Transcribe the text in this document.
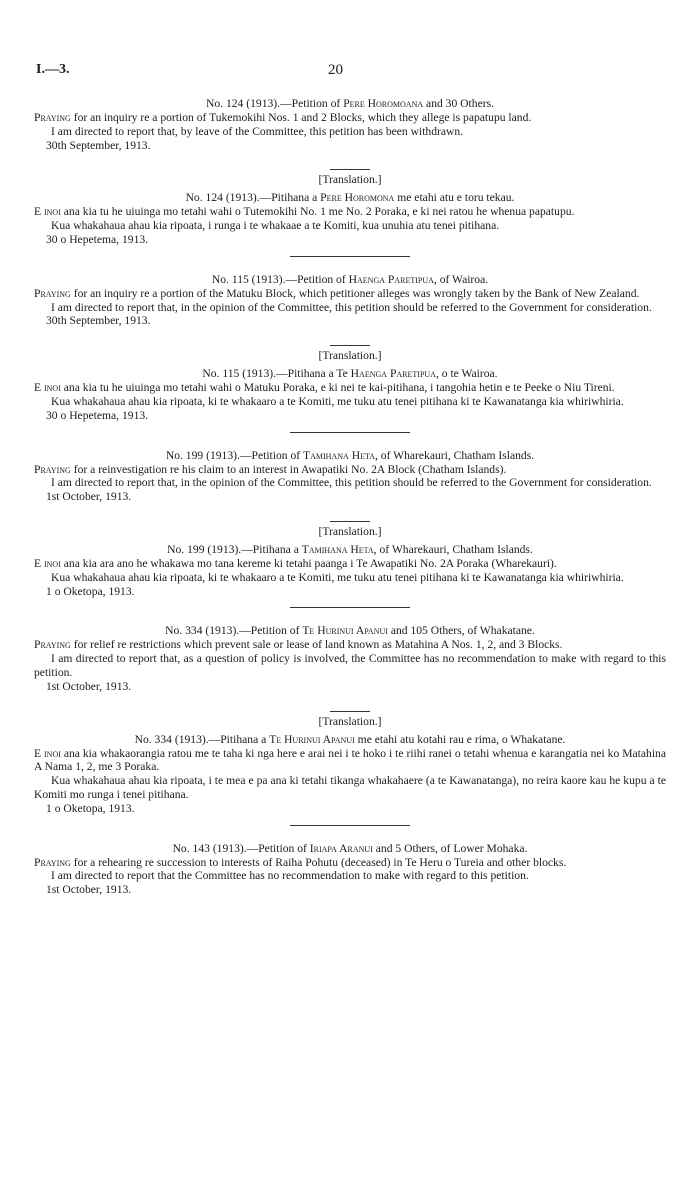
I.—3.	20
No. 124 (1913).—Petition of Pere Horomoana and 30 Others.

Praying for an inquiry re a portion of Tukemokihi Nos. 1 and 2 Blocks, which they allege is papatupu land.

I am directed to report that, by leave of the Committee, this petition has been withdrawn.

30th September, 1913.
[Translation.]
No. 124 (1913).—Pitihana a Pere Horomona me etahi atu e toru tekau.

E inoi ana kia tu he uiuinga mo tetahi wahi o Tutemokihi No. 1 me No. 2 Poraka, e ki nei ratou he whenua papatupu.

Kua whakahaua ahau kia ripoata, i runga i te whakaae a te Komiti, kua unuhia atu tenei pitihana.

30 o Hepetema, 1913.
No. 115 (1913).—Petition of Haenga Paretipua, of Wairoa.

Praying for an inquiry re a portion of the Matuku Block, which petitioner alleges was wrongly taken by the Bank of New Zealand.

I am directed to report that, in the opinion of the Committee, this petition should be referred to the Government for consideration.

30th September, 1913.
[Translation.]
No. 115 (1913).—Pitihana a Te Haenga Paretipua, o te Wairoa.

E inoi ana kia tu he uiuinga mo tetahi wahi o Matuku Poraka, e ki nei te kai-pitihana, i tangohia hetin e te Peeke o Niu Tireni.

Kua whakahaua ahau kia ripoata, ki te whakaaro a te Komiti, me tuku atu tenei pitihana ki te Kawanatanga kia whiriwhiria.

30 o Hepetema, 1913.
No. 199 (1913).—Petition of Tamihana Heta, of Wharekauri, Chatham Islands.

Praying for a reinvestigation re his claim to an interest in Awapatiki No. 2A Block (Chatham Islands).

I am directed to report that, in the opinion of the Committee, this petition should be referred to the Government for consideration.

1st October, 1913.
[Translation.]
No. 199 (1913).—Pitihana a Tamihana Heta, of Wharekauri, Chatham Islands.

E inoi ana kia ara ano he whakawa mo tana kereme ki tetahi paanga i Te Awapatiki No. 2A Poraka (Wharekauri).

Kua whakahaua ahau kia ripoata, ki te whakaaro a te Komiti, me tuku atu tenei pitihana ki te Kawanatanga kia whiriwhiria.

1 o Oketopa, 1913.
No. 334 (1913).—Petition of Te Hurinui Apanui and 105 Others, of Whakatane.

Praying for relief re restrictions which prevent sale or lease of land known as Matahina A Nos. 1, 2, and 3 Blocks.

I am directed to report that, as a question of policy is involved, the Committee has no recommendation to make with regard to this petition.

1st October, 1913.
[Translation.]
No. 334 (1913).—Pitihana a Te Hurinui Apanui me etahi atu kotahi rau e rima, o Whakatane.

E inoi ana kia whakaorangia ratou me te taha ki nga here e arai nei i te hoko i te riihi ranei o tetahi whenua e karangatia nei ko Matahina A Nama 1, 2, me 3 Poraka.

Kua whakahaua ahau kia ripoata, i te mea e pa ana ki tetahi tikanga whakahaere (a te Kawanatanga), no reira kaore kau he kupu a te Komiti mo runga i tenei pitihana.

1 o Oketopa, 1913.
No. 143 (1913).—Petition of Iriapa Aranui and 5 Others, of Lower Mohaka.

Praying for a rehearing re succession to interests of Raiha Pohutu (deceased) in Te Heru o Tureia and other blocks.

I am directed to report that the Committee has no recommendation to make with regard to this petition.

1st October, 1913.
